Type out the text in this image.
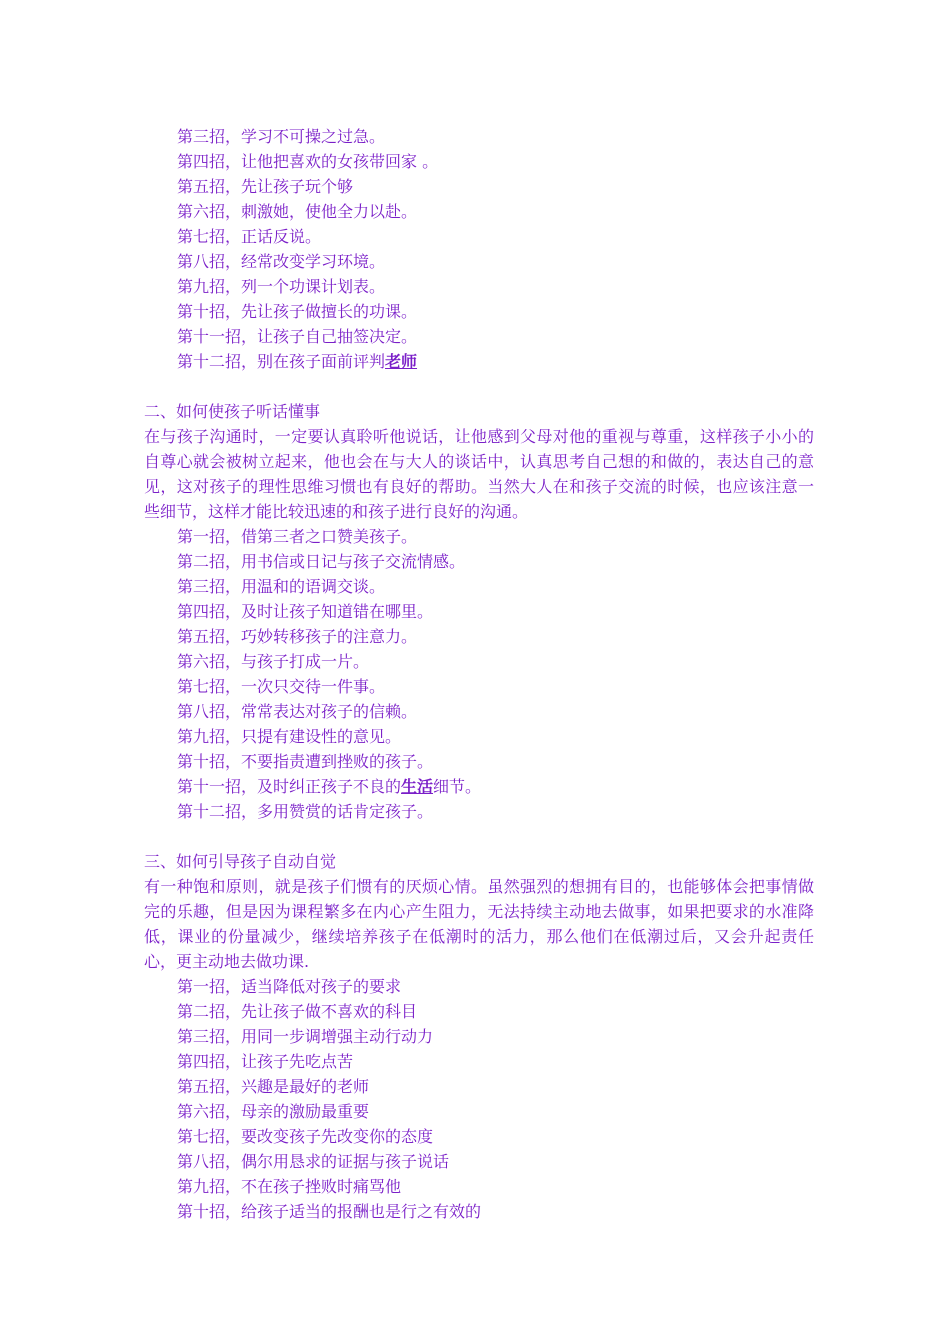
第三招，学习不可操之过急。
第四招，让他把喜欢的女孩带回家 。
第五招，先让孩子玩个够
第六招，刺激她，使他全力以赴。
第七招，正话反说。
第八招，经常改变学习环境。
第九招，列一个功课计划表。
第十招，先让孩子做擅长的功课。
第十一招，让孩子自己抽签决定。
第十二招，别在孩子面前评判老师
二、如何使孩子听话懂事
在与孩子沟通时，一定要认真聆听他说话，让他感到父母对他的重视与尊重，这样孩子小小的自尊心就会被树立起来，他也会在与大人的谈话中，认真思考自己想的和做的，表达自己的意见，这对孩子的理性思维习惯也有良好的帮助。当然大人在和孩子交流的时候，也应该注意一些细节，这样才能比较迅速的和孩子进行良好的沟通。
第一招，借第三者之口赞美孩子。
第二招，用书信或日记与孩子交流情感。
第三招，用温和的语调交谈。
第四招，及时让孩子知道错在哪里。
第五招，巧妙转移孩子的注意力。
第六招，与孩子打成一片。
第七招，一次只交待一件事。
第八招，常常表达对孩子的信赖。
第九招，只提有建设性的意见。
第十招，不要指责遭到挫败的孩子。
第十一招，及时纠正孩子不良的生活细节。
第十二招，多用赞赏的话肯定孩子。
三、如何引导孩子自动自觉
有一种饱和原则，就是孩子们惯有的厌烦心情。虽然强烈的想拥有目的，也能够体会把事情做完的乐趣，但是因为课程繁多在内心产生阻力，无法持续主动地去做事，如果把要求的水准降低，课业的份量减少，继续培养孩子在低潮时的活力，那么他们在低潮过后，又会升起责任心，更主动地去做功课.
第一招，适当降低对孩子的要求
第二招，先让孩子做不喜欢的科目
第三招，用同一步调增强主动行动力
第四招，让孩子先吃点苦
第五招，兴趣是最好的老师
第六招，母亲的激励最重要
第七招，要改变孩子先改变你的态度
第八招，偶尔用恳求的证据与孩子说话
第九招，不在孩子挫败时痛骂他
第十招，给孩子适当的报酬也是行之有效的
